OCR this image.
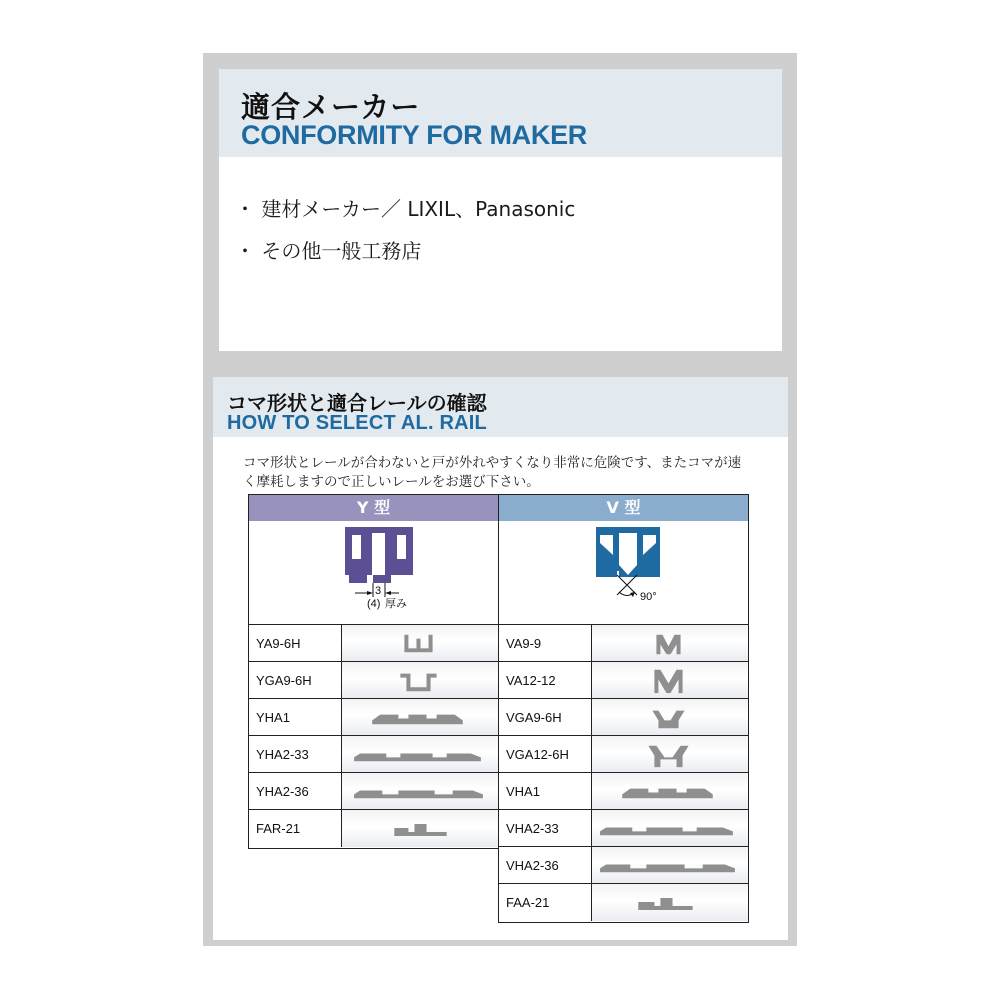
適合メーカー
CONFORMITY FOR MAKER
・ 建材メーカー／ LIXIL、Panasonic
・ その他一般工務店
コマ形状と適合レールの確認
HOW TO SELECT AL. RAIL
コマ形状とレールが合わないと戸が外れやすくなり非常に危険です、またコマが速
く摩耗しますので正しいレールをお選び下さい。
Y 型
3
(4) 厚み
YA9-6H
YGA9-6H
YHA1
YHA2-33
YHA2-36
FAR-21
V 型
90°
VA9-9
VA12-12
VGA9-6H
VGA12-6H
VHA1
VHA2-33
VHA2-36
FAA-21
